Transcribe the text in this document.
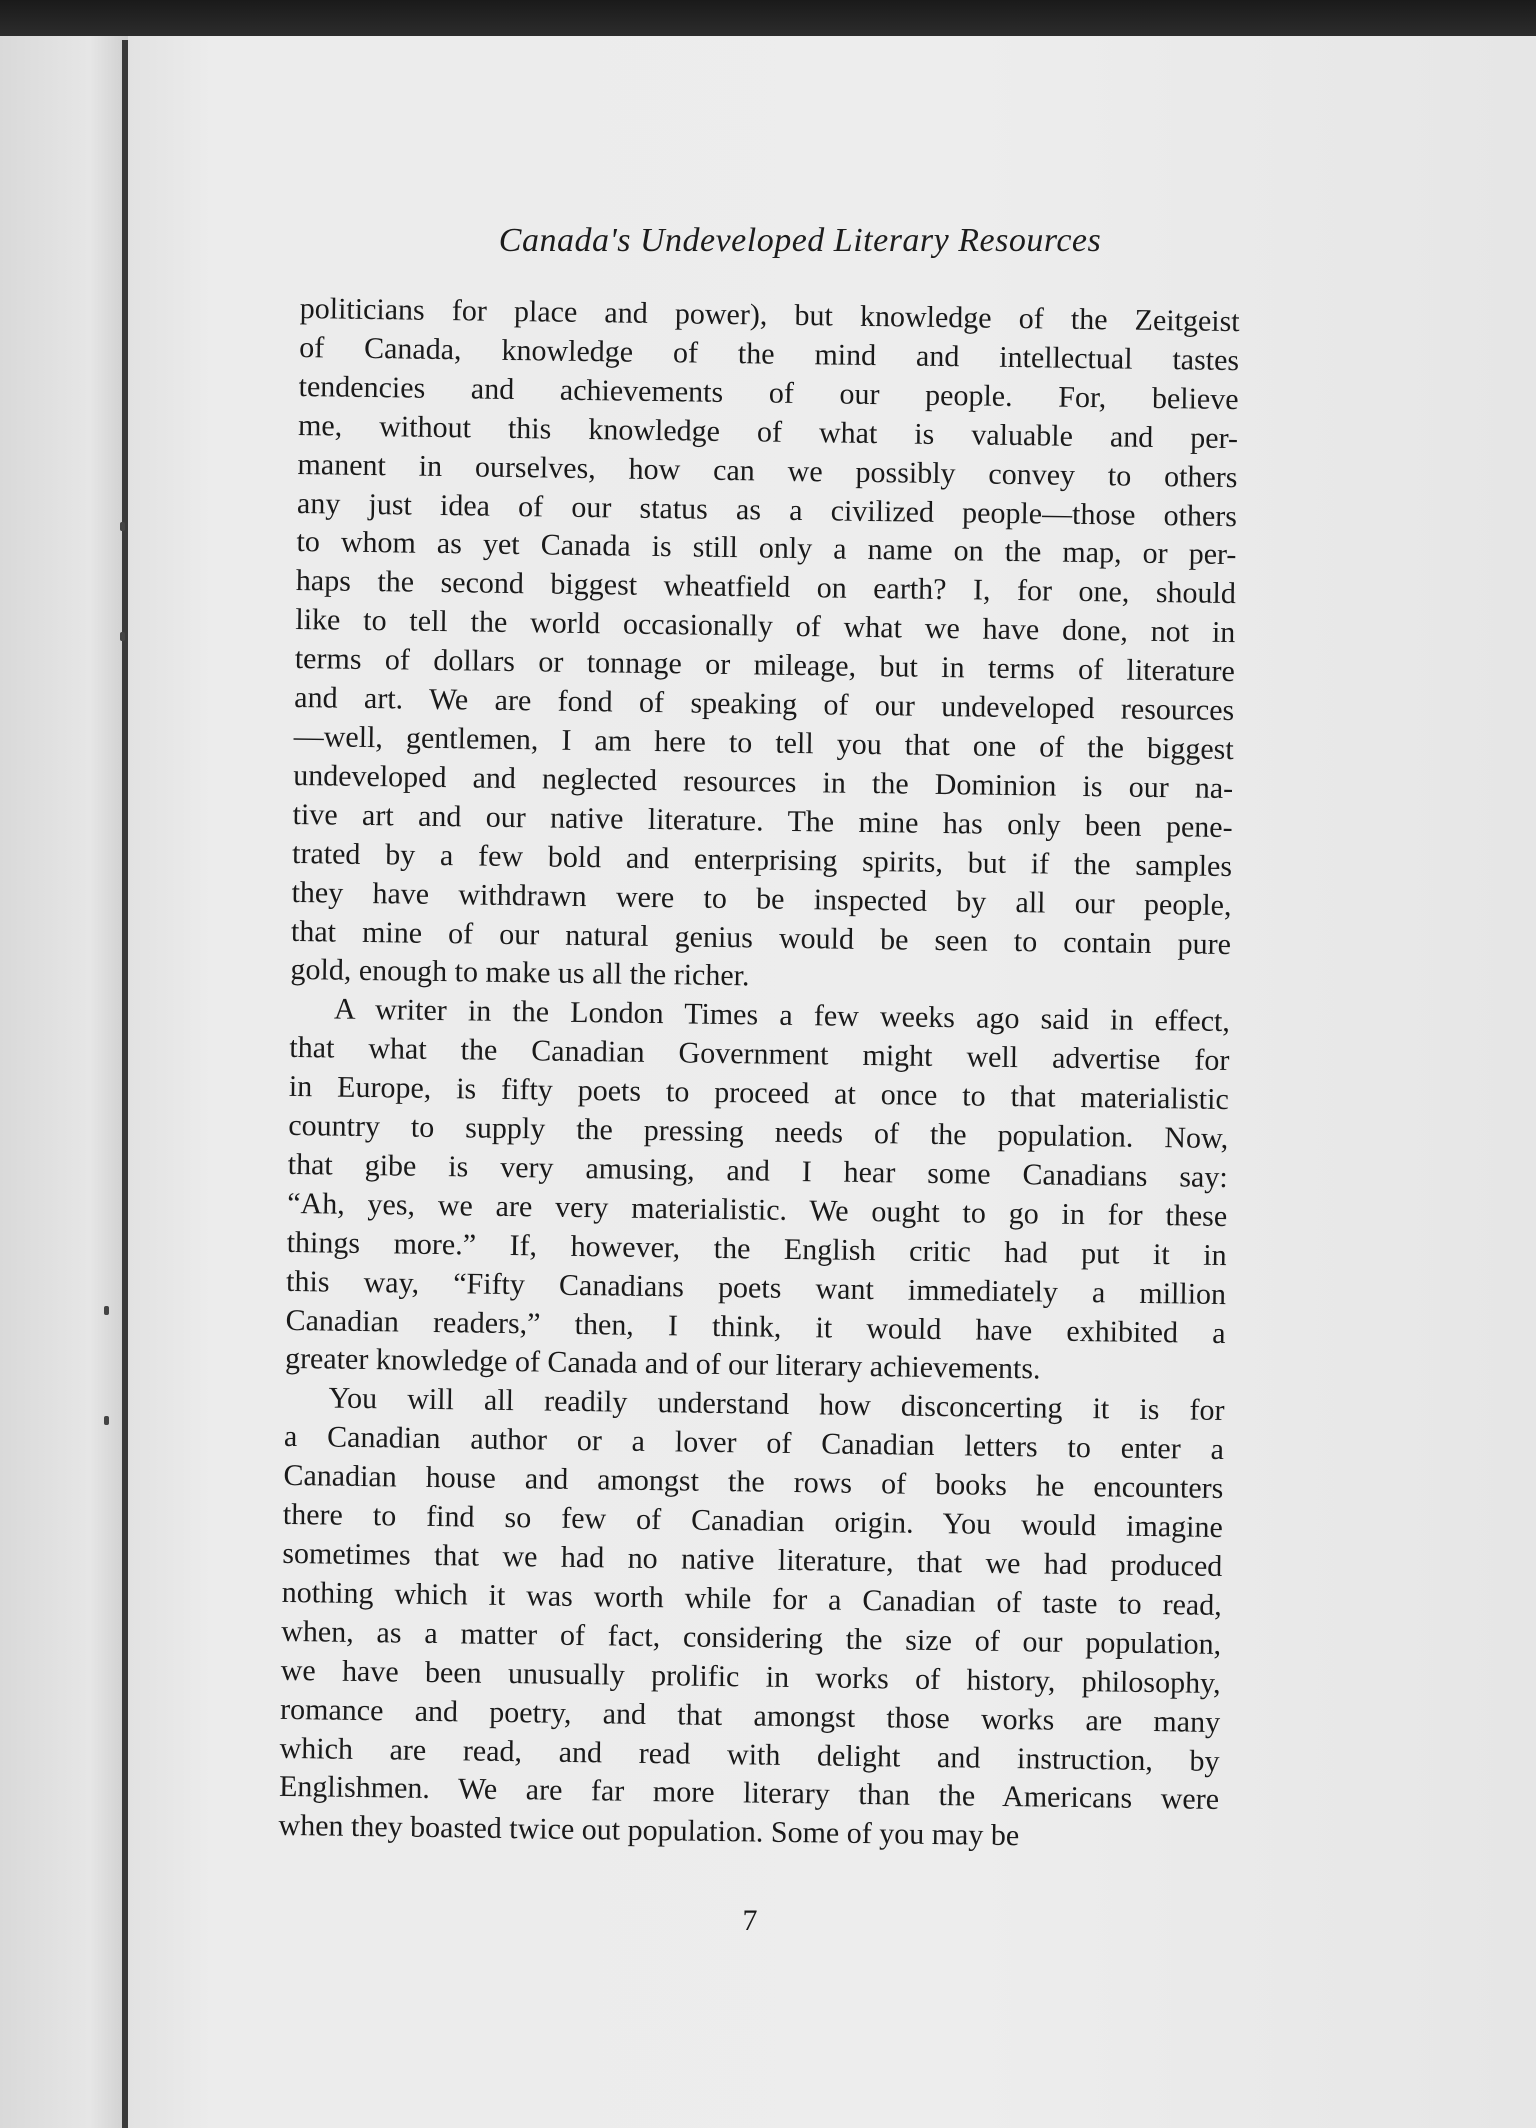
Canada's Undeveloped Literary Resources

politicians for place and power), but knowledge of the Zeitgeist
of Canada, knowledge of the mind and intellectual tastes
tendencies and achievements of our people. For, believe
me, without this knowledge of what is valuable and per-
manent in ourselves, how can we possibly convey to others
any just idea of our status as a civilized people—those others
to whom as yet Canada is still only a name on the map, or per-
haps the second biggest wheatfield on earth? I, for one, should
like to tell the world occasionally of what we have done, not in
terms of dollars or tonnage or mileage, but in terms of literature
and art. We are fond of speaking of our undeveloped resources
—well, gentlemen, I am here to tell you that one of the biggest
undeveloped and neglected resources in the Dominion is our na-
tive art and our native literature. The mine has only been pene-
trated by a few bold and enterprising spirits, but if the samples
they have withdrawn were to be inspected by all our people,
that mine of our natural genius would be seen to contain pure
gold, enough to make us all the richer.

A writer in the London Times a few weeks ago said in effect,
that what the Canadian Government might well advertise for
in Europe, is fifty poets to proceed at once to that materialistic
country to supply the pressing needs of the population. Now,
that gibe is very amusing, and I hear some Canadians say:
“Ah, yes, we are very materialistic. We ought to go in for these
things more.” If, however, the English critic had put it in
this way, “Fifty Canadians poets want immediately a million
Canadian readers,” then, I think, it would have exhibited a
greater knowledge of Canada and of our literary achievements.

You will all readily understand how disconcerting it is for
a Canadian author or a lover of Canadian letters to enter a
Canadian house and amongst the rows of books he encounters
there to find so few of Canadian origin. You would imagine
sometimes that we had no native literature, that we had produced
nothing which it was worth while for a Canadian of taste to read,
when, as a matter of fact, considering the size of our population,
we have been unusually prolific in works of history, philosophy,
romance and poetry, and that amongst those works are many
which are read, and read with delight and instruction, by
Englishmen. We are far more literary than the Americans were
when they boasted twice out population. Some of you may be

7
